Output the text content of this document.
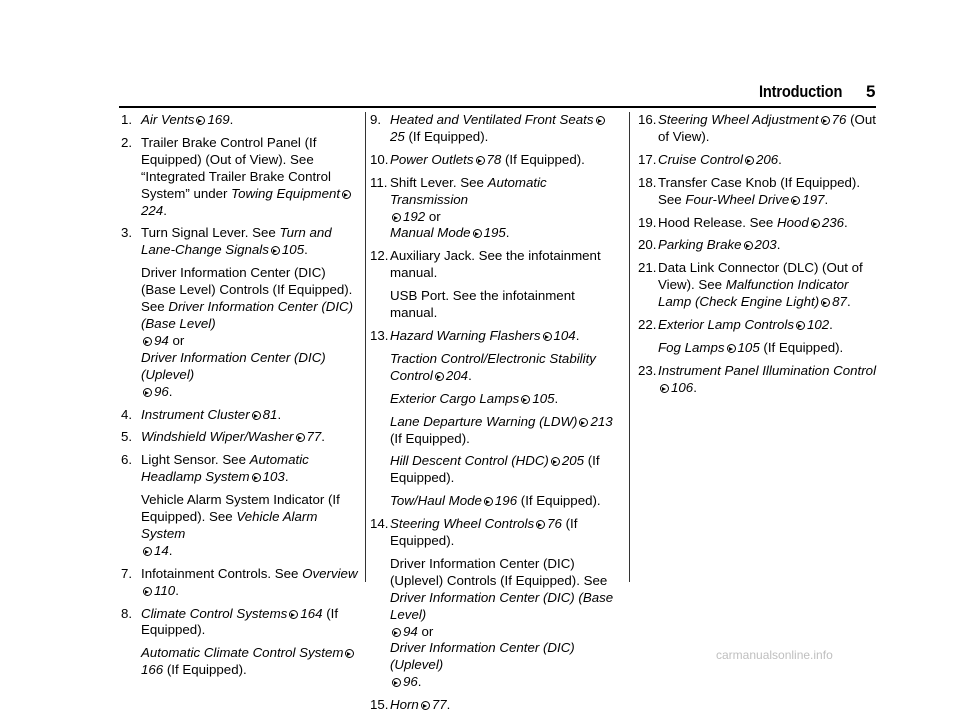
Introduction 5
1. Air Vents 169.
2. Trailer Brake Control Panel (If Equipped) (Out of View). See “Integrated Trailer Brake Control System” under Towing Equipment224.
3. Turn Signal Lever. See Turn and Lane-Change Signals 105.
Driver Information Center (DIC) (Base Level) Controls (If Equipped). See Driver Information Center (DIC) (Base Level)
94 or
Driver Information Center (DIC) (Uplevel)
96.
4. Instrument Cluster 81.
5. Windshield Wiper/Washer 77.
6. Light Sensor. See Automatic Headlamp System 103.
Vehicle Alarm System Indicator (If Equipped). See Vehicle Alarm System
14.
7. Infotainment Controls. See Overview
110.
8. Climate Control Systems 164 (If Equipped).
Automatic Climate Control System166 (If Equipped).
9. Heated and Ventilated Front Seats25 (If Equipped).
10. Power Outlets 78 (If Equipped).
11. Shift Lever. See Automatic Transmission
192 or
Manual Mode 195.
12. Auxiliary Jack. See the infotainment manual.
USB Port. See the infotainment manual.
13. Hazard Warning Flashers 104.
Traction Control/Electronic Stability Control 204.
Exterior Cargo Lamps 105.
Lane Departure Warning (LDW) 213 (If Equipped).
Hill Descent Control (HDC) 205 (If Equipped).
Tow/Haul Mode 196 (If Equipped).
14. Steering Wheel Controls 76 (If Equipped).
Driver Information Center (DIC) (Uplevel) Controls (If Equipped). See Driver Information Center (DIC) (Base Level)
94 or
Driver Information Center (DIC) (Uplevel)
96.
15. Horn 77.
16. Steering Wheel Adjustment 76 (Out of View).
17. Cruise Control 206.
18. Transfer Case Knob (If Equipped). See Four-Wheel Drive 197.
19. Hood Release. See Hood 236.
20. Parking Brake 203.
21. Data Link Connector (DLC) (Out of View). See Malfunction Indicator Lamp (Check Engine Light) 87.
22. Exterior Lamp Controls 102.
Fog Lamps 105 (If Equipped).
23. Instrument Panel Illumination Control
106.
carmanualsonline.info
